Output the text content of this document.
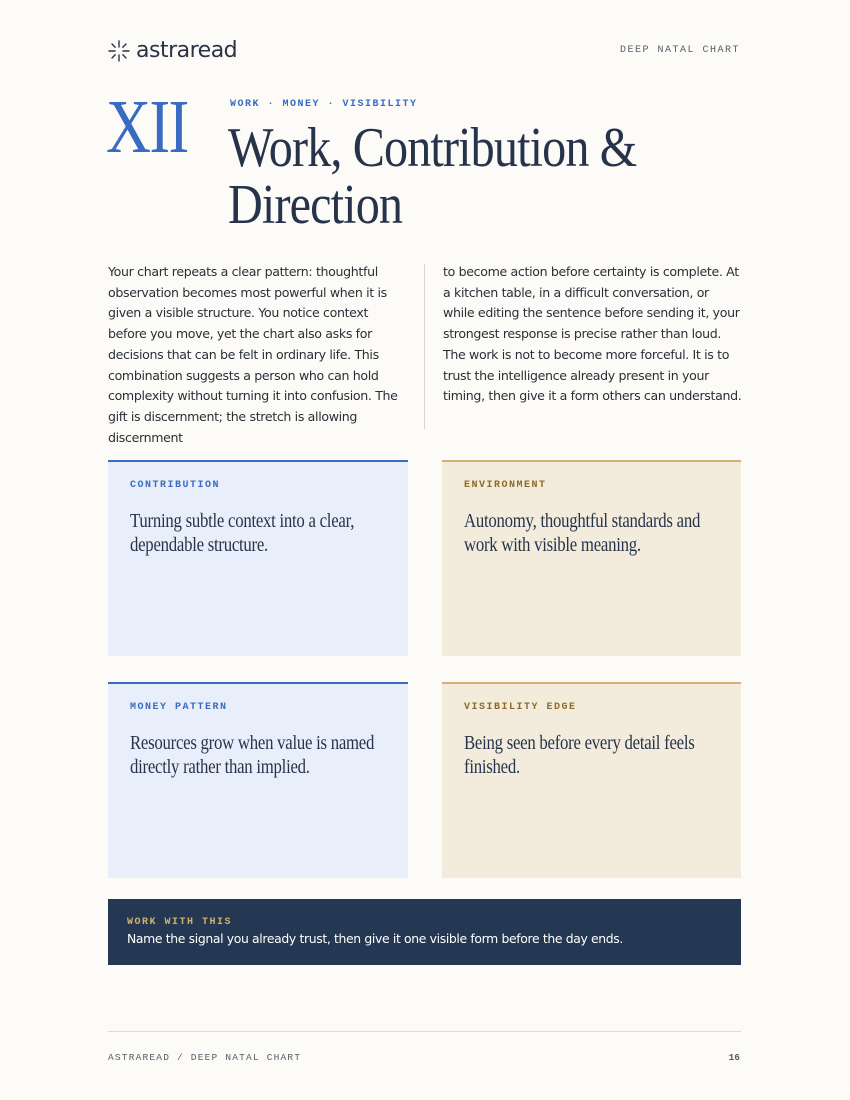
astraread	DEEP NATAL CHART
XII	WORK · MONEY · VISIBILITY
Work, Contribution & Direction
Your chart repeats a clear pattern: thoughtful observation becomes most powerful when it is given a visible structure. You notice context before you move, yet the chart also asks for decisions that can be felt in ordinary life. This combination suggests a person who can hold complexity without turning it into confusion. The gift is discernment; the stretch is allowing discernment
to become action before certainty is complete. At a kitchen table, in a difficult conversation, or while editing the sentence before sending it, your strongest response is precise rather than loud. The work is not to become more forceful. It is to trust the intelligence already present in your timing, then give it a form others can understand.
CONTRIBUTION
Turning subtle context into a clear, dependable structure.
ENVIRONMENT
Autonomy, thoughtful standards and work with visible meaning.
MONEY PATTERN
Resources grow when value is named directly rather than implied.
VISIBILITY EDGE
Being seen before every detail feels finished.
WORK WITH THIS
Name the signal you already trust, then give it one visible form before the day ends.
ASTRAREAD / DEEP NATAL CHART	16
